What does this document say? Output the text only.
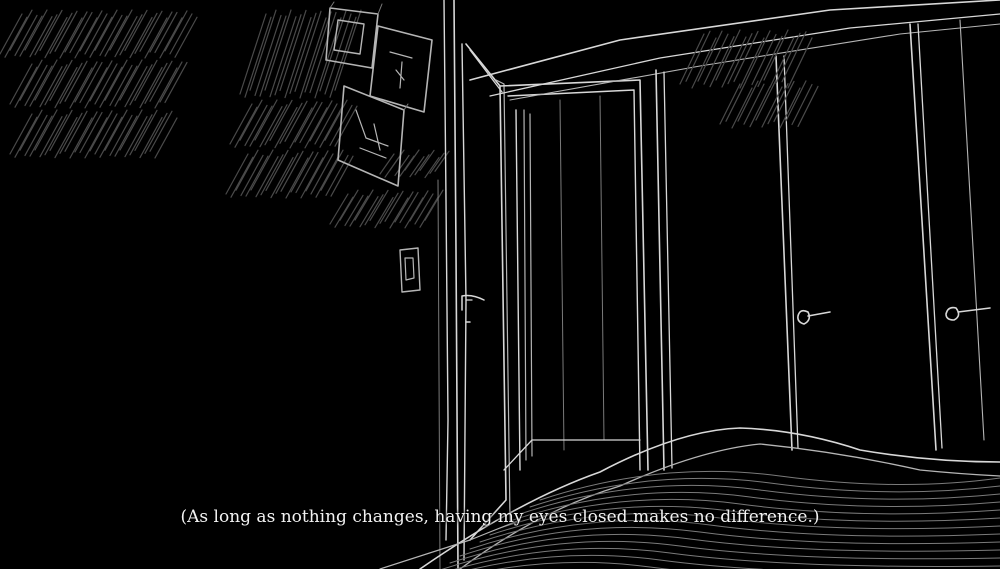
(As long as nothing changes, having my eyes closed makes no difference.)
